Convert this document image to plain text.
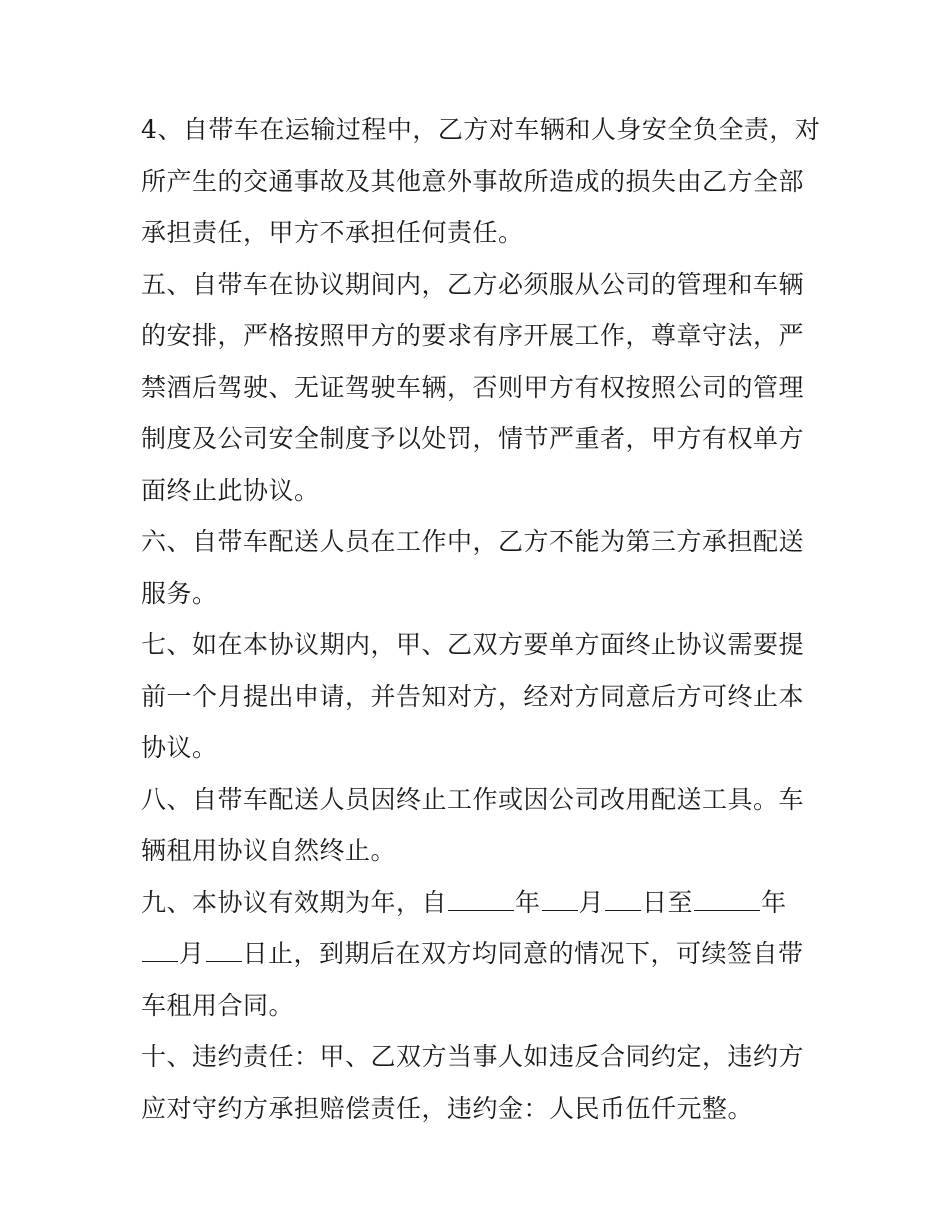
4、自带车在运输过程中，乙方对车辆和人身安全负全责，对所产生的交通事故及其他意外事故所造成的损失由乙方全部承担责任，甲方不承担任何责任。

五、自带车在协议期间内，乙方必须服从公司的管理和车辆的安排，严格按照甲方的要求有序开展工作，尊章守法，严禁酒后驾驶、无证驾驶车辆，否则甲方有权按照公司的管理制度及公司安全制度予以处罚，情节严重者，甲方有权单方面终止此协议。

六、自带车配送人员在工作中，乙方不能为第三方承担配送服务。

七、如在本协议期内，甲、乙双方要单方面终止协议需要提前一个月提出申请，并告知对方，经对方同意后方可终止本协议。

八、自带车配送人员因终止工作或因公司改用配送工具。车辆租用协议自然终止。

九、本协议有效期为年，自	年 月 日至	年月 日止，到期后在双方均同意的情况下，可续签自带车租用合同。

十、违约责任：甲、乙双方当事人如违反合同约定，违约方应对守约方承担赔偿责任，违约金：人民币伍仟元整。
